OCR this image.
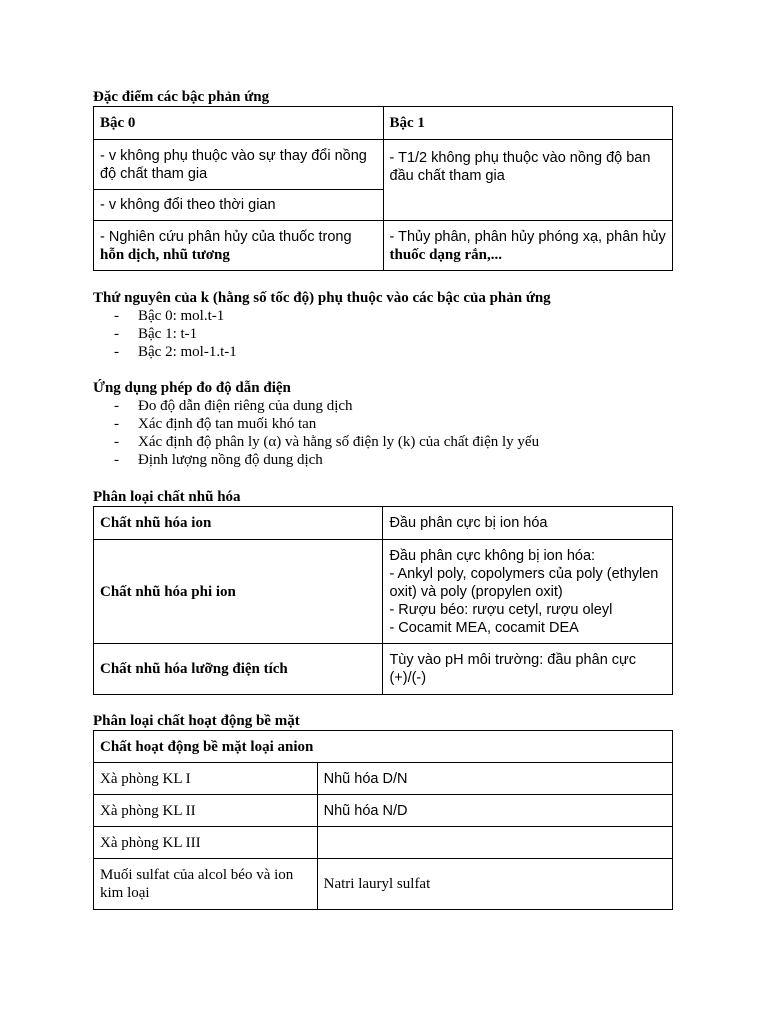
Đặc điểm các bậc phản ứng
Bậc 0	Bậc 1
- v không phụ thuộc vào sự thay đổi nồng độ chất tham gia	- T1/2 không phụ thuộc vào nồng độ ban đầu chất tham gia
- v không đổi theo thời gian	
- Nghiên cứu phân hủy của thuốc trong
hỗn dịch, nhũ tương	- Thủy phân, phân hủy phóng xạ, phân hủy thuốc dạng rắn,...
Thứ nguyên của k (hằng số tốc độ) phụ thuộc vào các bậc của phản ứng
- Bậc 0: mol.t-1
- Bậc 1: t-1
- Bậc 2: mol-1.t-1
Ứng dụng phép đo độ dẫn điện
- Đo độ dẫn điện riêng của dung dịch
- Xác định độ tan muối khó tan
- Xác định độ phân ly (α) và hằng số điện ly (k) của chất điện ly yếu
- Định lượng nồng độ dung dịch
Phân loại chất nhũ hóa
Chất nhũ hóa ion	Đầu phân cực bị ion hóa
Chất nhũ hóa phi ion	Đầu phân cực không bị ion hóa:
- Ankyl poly, copolymers của poly (ethylen oxit) và poly (propylen oxit)
- Rượu béo: rượu cetyl, rượu oleyl
- Cocamit MEA, cocamit DEA
Chất nhũ hóa lưỡng điện tích	Tùy vào pH môi trường: đầu phân cực (+)/(-)
Phân loại chất hoạt động bề mặt
Chất hoạt động bề mặt loại anion	
Xà phòng KL I	Nhũ hóa D/N
Xà phòng KL II	Nhũ hóa N/D
Xà phòng KL III	
Muối sulfat của alcol béo và ion kim loại	Natri lauryl sulfat
